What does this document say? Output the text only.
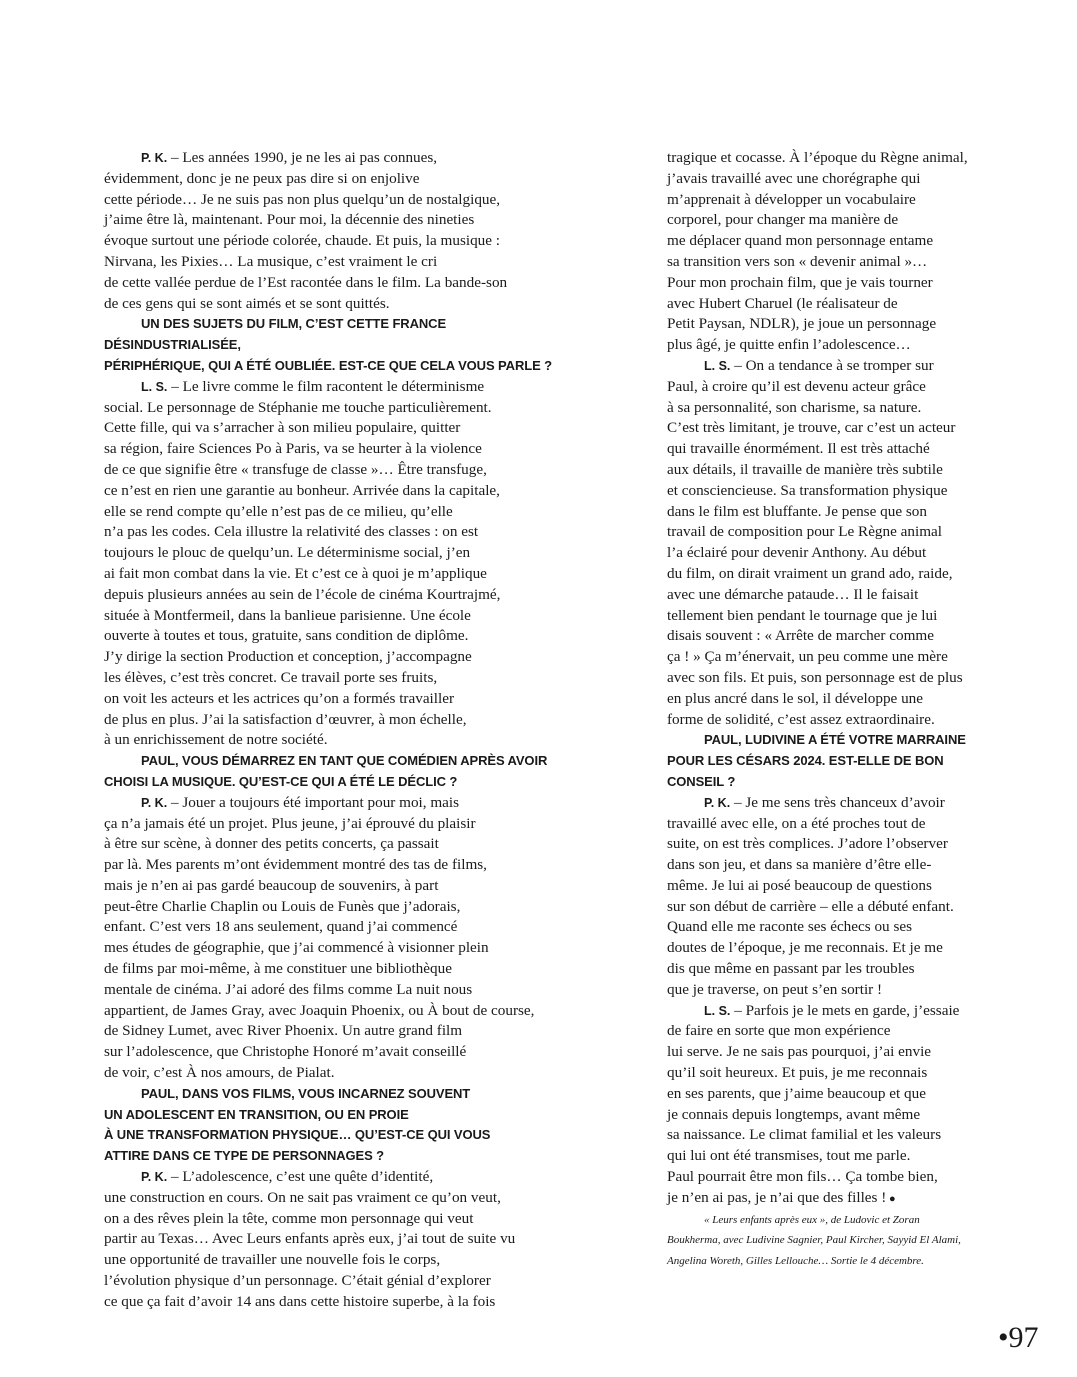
P. K. – Les années 1990, je ne les ai pas connues,
évidemment, donc je ne peux pas dire si on enjolive
cette période… Je ne suis pas non plus quelqu’un de nostalgique,
j’aime être là, maintenant. Pour moi, la décennie des nineties
évoque surtout une période colorée, chaude. Et puis, la musique :
Nirvana, les Pixies… La musique, c’est vraiment le cri
de cette vallée perdue de l’Est racontée dans le film. La bande-son
de ces gens qui se sont aimés et se sont quittés.

UN DES SUJETS DU FILM, C’EST CETTE FRANCE DÉSINDUSTRIALISÉE,
PÉRIPHÉRIQUE, QUI A ÉTÉ OUBLIÉE. EST-CE QUE CELA VOUS PARLE ?

L. S. – Le livre comme le film racontent le déterminisme
social. Le personnage de Stéphanie me touche particulièrement.
Cette fille, qui va s’arracher à son milieu populaire, quitter
sa région, faire Sciences Po à Paris, va se heurter à la violence
de ce que signifie être « transfuge de classe »… Être transfuge,
ce n’est en rien une garantie au bonheur. Arrivée dans la capitale,
elle se rend compte qu’elle n’est pas de ce milieu, qu’elle
n’a pas les codes. Cela illustre la relativité des classes : on est
toujours le plouc de quelqu’un. Le déterminisme social, j’en
ai fait mon combat dans la vie. Et c’est ce à quoi je m’applique
depuis plusieurs années au sein de l’école de cinéma Kourtrajmé,
située à Montfermeil, dans la banlieue parisienne. Une école
ouverte à toutes et tous, gratuite, sans condition de diplôme.
J’y dirige la section Production et conception, j’accompagne
les élèves, c’est très concret. Ce travail porte ses fruits,
on voit les acteurs et les actrices qu’on a formés travailler
de plus en plus. J’ai la satisfaction d’œuvrer, à mon échelle,
à un enrichissement de notre société.

PAUL, VOUS DÉMARREZ EN TANT QUE COMÉDIEN APRÈS AVOIR
CHOISI LA MUSIQUE. QU’EST-CE QUI A ÉTÉ LE DÉCLIC ?

P. K. – Jouer a toujours été important pour moi, mais
ça n’a jamais été un projet. Plus jeune, j’ai éprouvé du plaisir
à être sur scène, à donner des petits concerts, ça passait
par là. Mes parents m’ont évidemment montré des tas de films,
mais je n’en ai pas gardé beaucoup de souvenirs, à part
peut-être Charlie Chaplin ou Louis de Funès que j’adorais,
enfant. C’est vers 18 ans seulement, quand j’ai commencé
mes études de géographie, que j’ai commencé à visionner plein
de films par moi-même, à me constituer une bibliothèque
mentale de cinéma. J’ai adoré des films comme La nuit nous
appartient, de James Gray, avec Joaquin Phoenix, ou À bout de course,
de Sidney Lumet, avec River Phoenix. Un autre grand film
sur l’adolescence, que Christophe Honoré m’avait conseillé
de voir, c’est À nos amours, de Pialat.

PAUL, DANS VOS FILMS, VOUS INCARNEZ SOUVENT
UN ADOLESCENT EN TRANSITION, OU EN PROIE
À UNE TRANSFORMATION PHYSIQUE… QU’EST-CE QUI VOUS
ATTIRE DANS CE TYPE DE PERSONNAGES ?

P. K. – L’adolescence, c’est une quête d’identité,
une construction en cours. On ne sait pas vraiment ce qu’on veut,
on a des rêves plein la tête, comme mon personnage qui veut
partir au Texas… Avec Leurs enfants après eux, j’ai tout de suite vu
une opportunité de travailler une nouvelle fois le corps,
l’évolution physique d’un personnage. C’était génial d’explorer
ce que ça fait d’avoir 14 ans dans cette histoire superbe, à la fois

tragique et cocasse. À l’époque du Règne animal,
j’avais travaillé avec une chorégraphe qui
m’apprenait à développer un vocabulaire
corporel, pour changer ma manière de
me déplacer quand mon personnage entame
sa transition vers son « devenir animal »…
Pour mon prochain film, que je vais tourner
avec Hubert Charuel (le réalisateur de
Petit Paysan, NDLR), je joue un personnage
plus âgé, je quitte enfin l’adolescence…

L. S. – On a tendance à se tromper sur
Paul, à croire qu’il est devenu acteur grâce
à sa personnalité, son charisme, sa nature.
C’est très limitant, je trouve, car c’est un acteur
qui travaille énormément. Il est très attaché
aux détails, il travaille de manière très subtile
et consciencieuse. Sa transformation physique
dans le film est bluffante. Je pense que son
travail de composition pour Le Règne animal
l’a éclairé pour devenir Anthony. Au début
du film, on dirait vraiment un grand ado, raide,
avec une démarche pataude… Il le faisait
tellement bien pendant le tournage que je lui
disais souvent : « Arrête de marcher comme
ça ! » Ça m’énervait, un peu comme une mère
avec son fils. Et puis, son personnage est de plus
en plus ancré dans le sol, il développe une
forme de solidité, c’est assez extraordinaire.

PAUL, LUDIVINE A ÉTÉ VOTRE MARRAINE
POUR LES CÉSARS 2024. EST-ELLE DE BON CONSEIL ?

P. K. – Je me sens très chanceux d’avoir
travaillé avec elle, on a été proches tout de
suite, on est très complices. J’adore l’observer
dans son jeu, et dans sa manière d’être elle-
même. Je lui ai posé beaucoup de questions
sur son début de carrière – elle a débuté enfant.
Quand elle me raconte ses échecs ou ses
doutes de l’époque, je me reconnais. Et je me
dis que même en passant par les troubles
que je traverse, on peut s’en sortir !

L. S. – Parfois je le mets en garde, j’essaie
de faire en sorte que mon expérience
lui serve. Je ne sais pas pourquoi, j’ai envie
qu’il soit heureux. Et puis, je me reconnais
en ses parents, que j’aime beaucoup et que
je connais depuis longtemps, avant même
sa naissance. Le climat familial et les valeurs
qui lui ont été transmises, tout me parle.
Paul pourrait être mon fils… Ça tombe bien,
je n’en ai pas, je n’ai que des filles ! ●

« Leurs enfants après eux », de Ludovic et Zoran
Boukherma, avec Ludivine Sagnier, Paul Kircher, Sayyid El Alami,
Angelina Woreth, Gilles Lellouche… Sortie le 4 décembre.

•97
